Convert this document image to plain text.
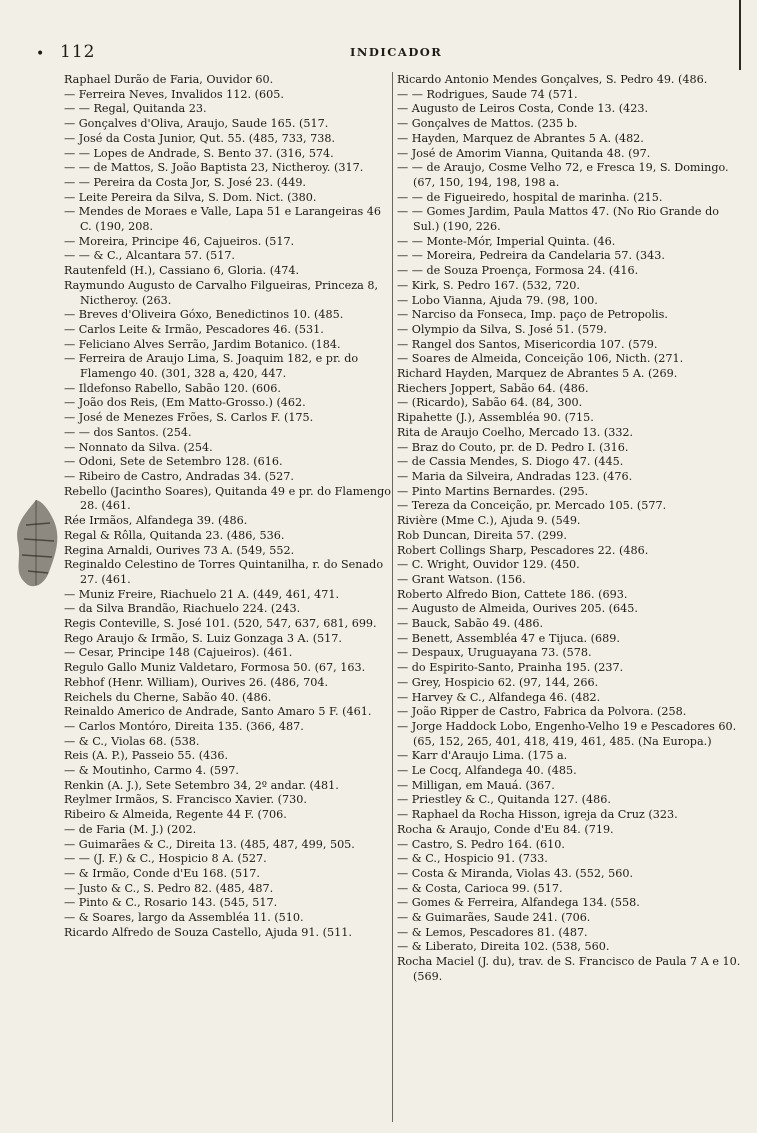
• 112	INDICADOR
Raphael Durão de Faria, Ouvidor 60.
— Ferreira Neves, Invalidos 112. (605.
— — Regal, Quitanda 23.
— Gonçalves d'Oliva, Araujo, Saude 165. (517.
— José da Costa Junior, Qut. 55. (485, 733, 738.
— — Lopes de Andrade, S. Bento 37. (316, 574.
— — de Mattos, S. João Baptista 23, Nictheroy. (317.
— — Pereira da Costa Jor, S. José 23. (449.
— Leite Pereira da Silva, S. Dom. Nict. (380.
— Mendes de Moraes e Valle, Lapa 51 e Larangeiras 46 C. (190, 208.
— Moreira, Principe 46, Cajueiros. (517.
— — & C., Alcantara 57. (517.
Rautenfeld (H.), Cassiano 6, Gloria. (474.
Raymundo Augusto de Carvalho Filgueiras, Princeza 8, Nictheroy. (263.
— Breves d'Oliveira Góxo, Benedictinos 10. (485.
— Carlos Leite & Irmão, Pescadores 46. (531.
— Feliciano Alves Serrão, Jardim Botanico. (184.
— Ferreira de Araujo Lima, S. Joaquim 182, e pr. do Flamengo 40. (301, 328 a, 420, 447.
— Ildefonso Rabello, Sabão 120. (606.
— João dos Reis, (Em Matto-Grosso.) (462.
— José de Menezes Frões, S. Carlos F. (175.
— — dos Santos. (254.
— Nonnato da Silva. (254.
— Odoni, Sete de Setembro 128. (616.
— Ribeiro de Castro, Andradas 34. (527.
Rebello (Jacintho Soares), Quitanda 49 e pr. do Flamengo 28. (461.
Rée Irmãos, Alfandega 39. (486.
Regal & Rôlla, Quitanda 23. (486, 536.
Regina Arnaldi, Ourives 73 A. (549, 552.
Reginaldo Celestino de Torres Quintanilha, r. do Senado 27. (461.
— Muniz Freire, Riachuelo 21 A. (449, 461, 471.
— da Silva Brandão, Riachuelo 224. (243.
Regis Conteville, S. José 101. (520, 547, 637, 681, 699.
Rego Araujo & Irmão, S. Luiz Gonzaga 3 A. (517.
— Cesar, Principe 148 (Cajueiros). (461.
Regulo Gallo Muniz Valdetaro, Formosa 50. (67, 163.
Rebhof (Henr. William), Ourives 26. (486, 704.
Reichels du Cherne, Sabão 40. (486.
Reinaldo Americo de Andrade, Santo Amaro 5 F. (461.
— Carlos Montóro, Direita 135. (366, 487.
— & C., Violas 68. (538.
Reis (A. P.), Passeio 55. (436.
— & Moutinho, Carmo 4. (597.
Renkin (A. J.), Sete Setembro 34, 2º andar. (481.
Reylmer Irmãos, S. Francisco Xavier. (730.
Ribeiro & Almeida, Regente 44 F. (706.
— de Faria (M. J.) (202.
— Guimarães & C., Direita 13. (485, 487, 499, 505.
— — (J. F.) & C., Hospicio 8 A. (527.
— & Irmão, Conde d'Eu 168. (517.
— Justo & C., S. Pedro 82. (485, 487.
— Pinto & C., Rosario 143. (545, 517.
— & Soares, largo da Assembléa 11. (510.
Ricardo Alfredo de Souza Castello, Ajuda 91. (511.
Ricardo Antonio Mendes Gonçalves, S. Pedro 49. (486.
— — Rodrigues, Saude 74 (571.
— Augusto de Leiros Costa, Conde 13. (423.
— Gonçalves de Mattos. (235 b.
— Hayden, Marquez de Abrantes 5 A. (482.
— José de Amorim Vianna, Quitanda 48. (97.
— — de Araujo, Cosme Velho 72, e Fresca 19, S. Domingo. (67, 150, 194, 198, 198 a.
— — de Figueiredo, hospital de marinha. (215.
— — Gomes Jardim, Paula Mattos 47. (No Rio Grande do Sul.) (190, 226.
— — Monte-Mór, Imperial Quinta. (46.
— — Moreira, Pedreira da Candelaria 57. (343.
— — de Souza Proença, Formosa 24. (416.
— Kirk, S. Pedro 167. (532, 720.
— Lobo Vianna, Ajuda 79. (98, 100.
— Narciso da Fonseca, Imp. paço de Petropolis.
— Olympio da Silva, S. José 51. (579.
— Rangel dos Santos, Misericordia 107. (579.
— Soares de Almeida, Conceição 106, Nicth. (271.
Richard Hayden, Marquez de Abrantes 5 A. (269.
Riechers Joppert, Sabão 64. (486.
— (Ricardo), Sabão 64. (84, 300.
Ripahette (J.), Assembléa 90. (715.
Rita de Araujo Coelho, Mercado 13. (332.
— Braz do Couto, pr. de D. Pedro I. (316.
— de Cassia Mendes, S. Diogo 47. (445.
— Maria da Silveira, Andradas 123. (476.
— Pinto Martins Bernardes. (295.
— Tereza da Conceição, pr. Mercado 105. (577.
Rivière (Mme C.), Ajuda 9. (549.
Rob Duncan, Direita 57. (299.
Robert Collings Sharp, Pescadores 22. (486.
— C. Wright, Ouvidor 129. (450.
— Grant Watson. (156.
Roberto Alfredo Bion, Cattete 186. (693.
— Augusto de Almeida, Ourives 205. (645.
— Bauck, Sabão 49. (486.
— Benett, Assembléa 47 e Tijuca. (689.
— Despaux, Uruguayana 73. (578.
— do Espirito-Santo, Prainha 195. (237.
— Grey, Hospicio 62. (97, 144, 266.
— Harvey & C., Alfandega 46. (482.
— João Ripper de Castro, Fabrica da Polvora. (258.
— Jorge Haddock Lobo, Engenho-Velho 19 e Pescadores 60. (65, 152, 265, 401, 418, 419, 461, 485. (Na Europa.)
— Karr d'Araujo Lima. (175 a.
— Le Cocq, Alfandega 40. (485.
— Milligan, em Mauá. (367.
— Priestley & C., Quitanda 127. (486.
— Raphael da Rocha Hisson, igreja da Cruz (323.
Rocha & Araujo, Conde d'Eu 84. (719.
— Castro, S. Pedro 164. (610.
— & C., Hospicio 91. (733.
— Costa & Miranda, Violas 43. (552, 560.
— & Costa, Carioca 99. (517.
— Gomes & Ferreira, Alfandega 134. (558.
— & Guimarães, Saude 241. (706.
— & Lemos, Pescadores 81. (487.
— & Liberato, Direita 102. (538, 560.
Rocha Maciel (J. du), trav. de S. Francisco de Paula 7 A e 10. (569.
